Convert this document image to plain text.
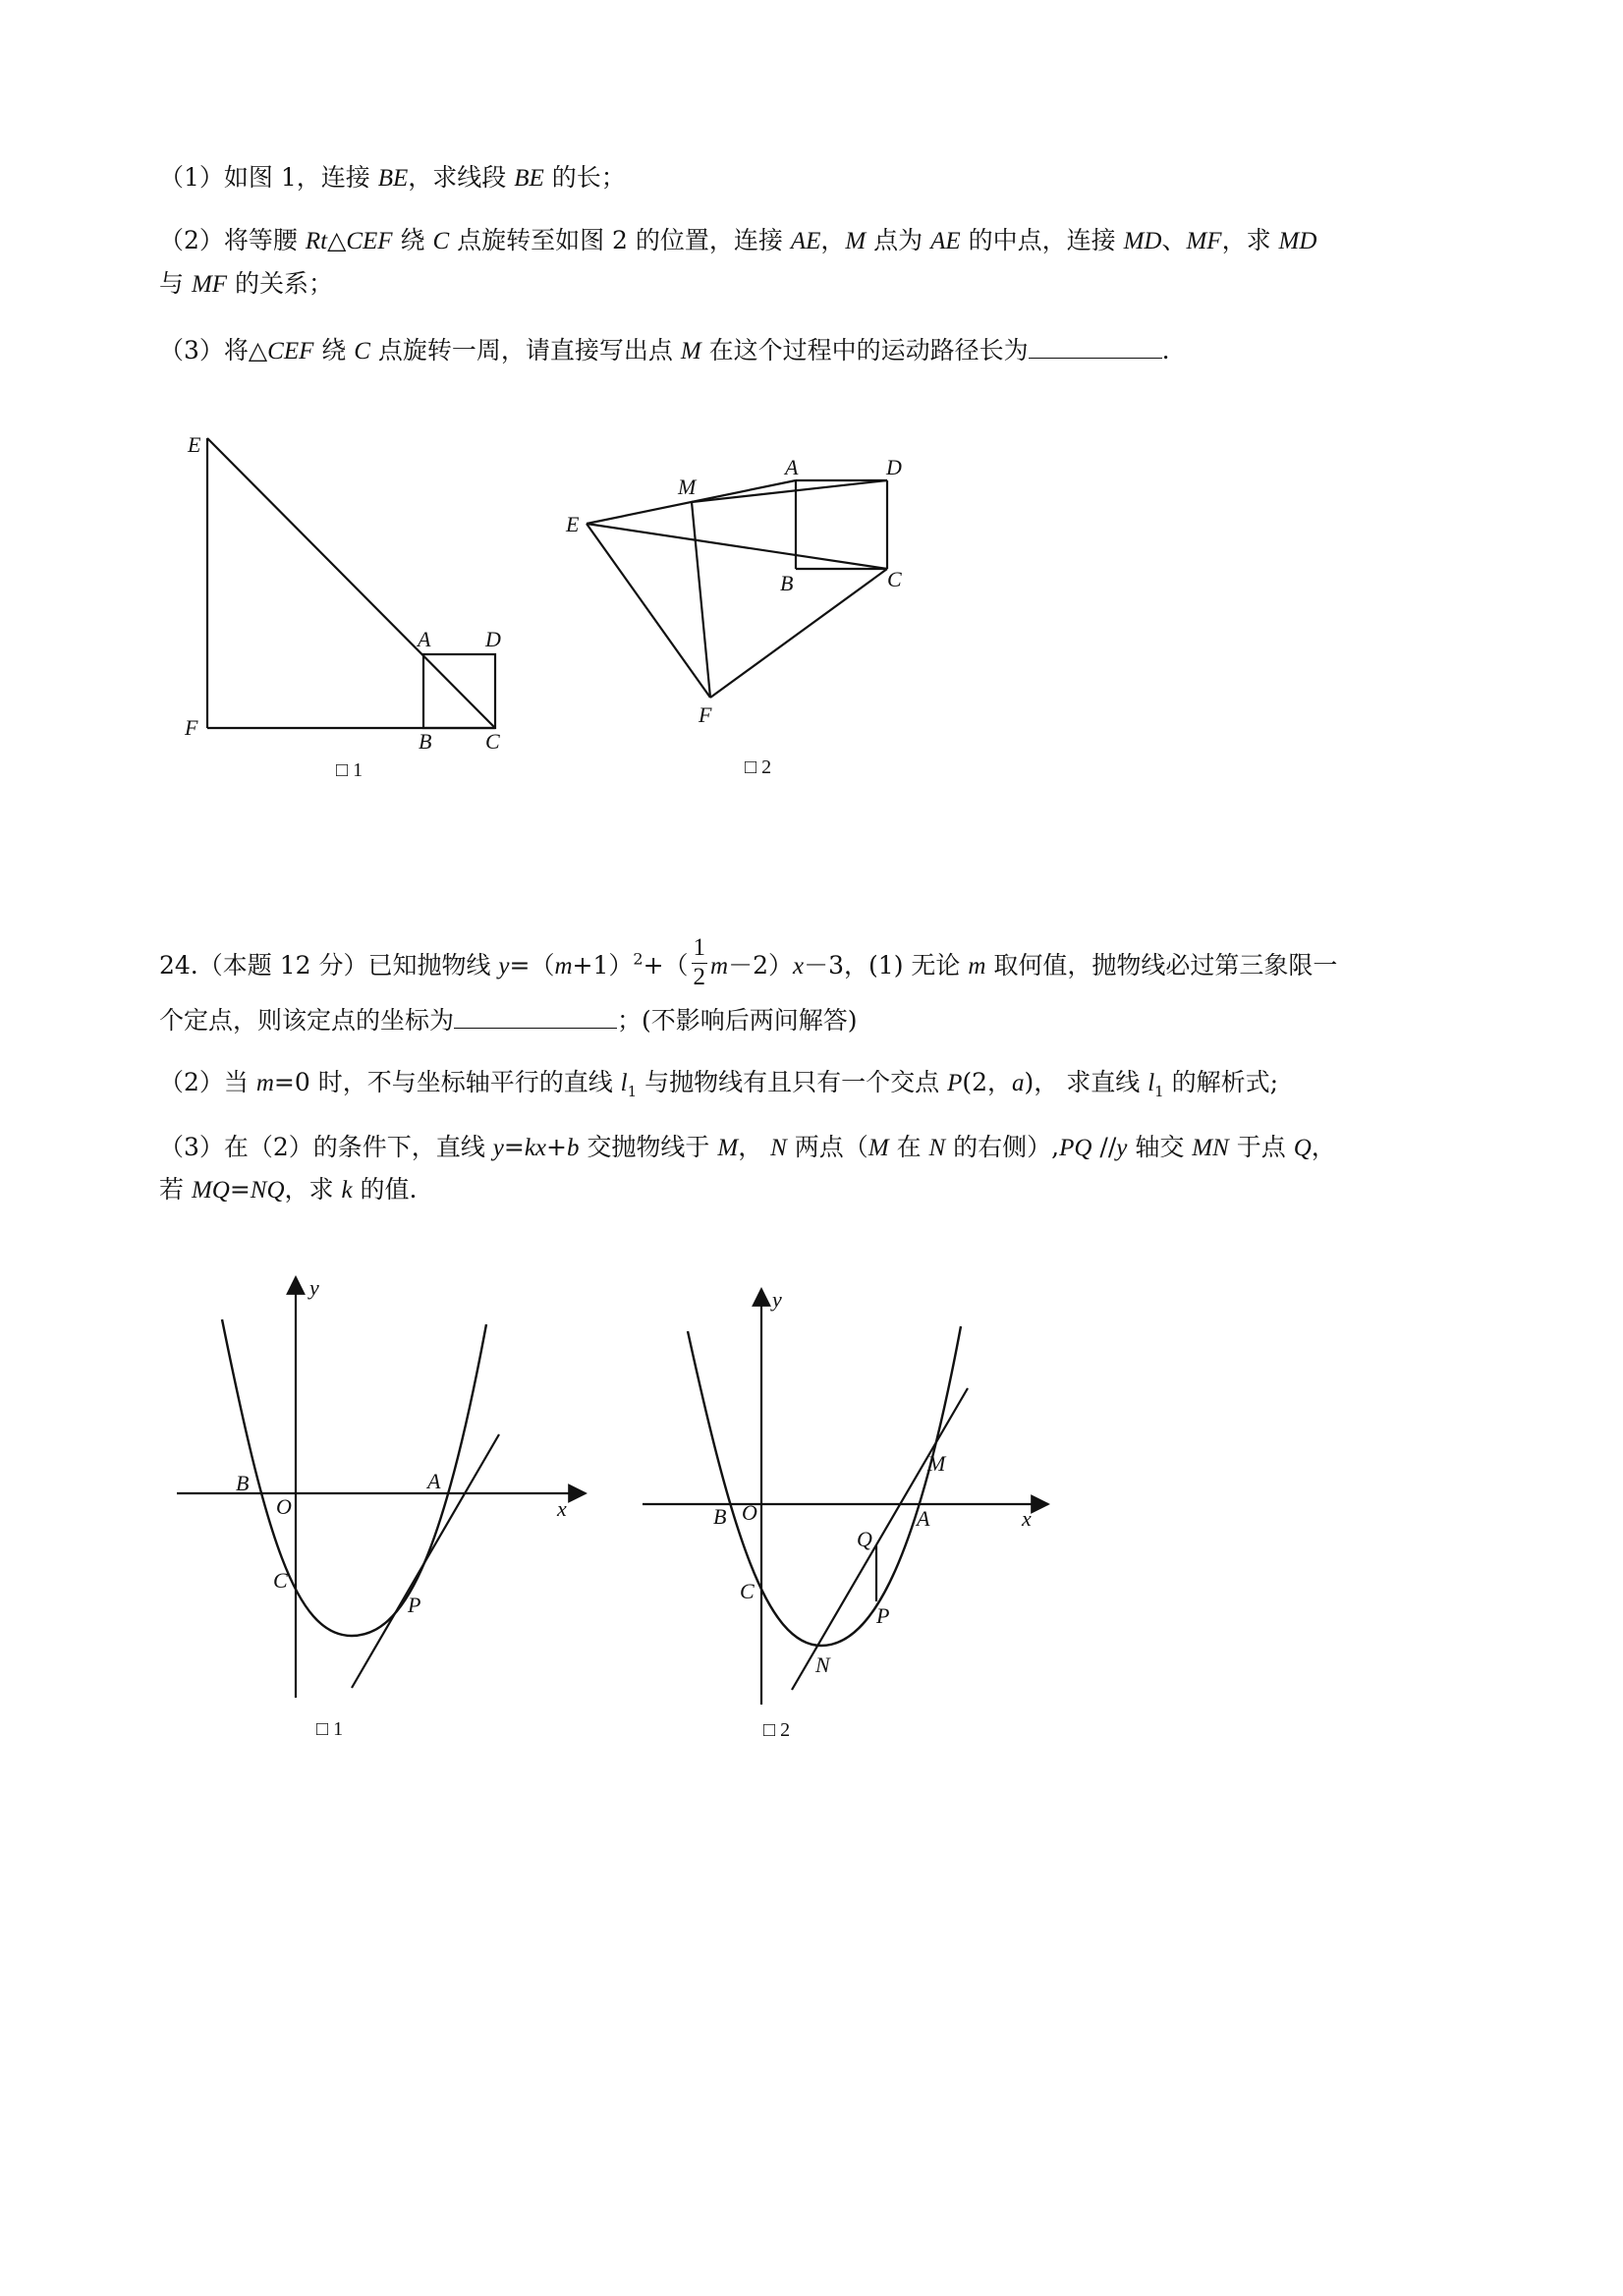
（1）如图 1，连接 BE，求线段 BE 的长；
（2）将等腰 Rt△CEF 绕 C 点旋转至如图 2 的位置，连接 AE，M 点为 AE 的中点，连接 MD、MF，求 MD
与 MF 的关系；
（3）将△CEF 绕 C 点旋转一周，请直接写出点 M 在这个过程中的运动路径长为	.
E
A	D
F
B C
□ 1
M
A	D
E
B	C
F
□ 2
24.（本题 12 分）已知抛物线 $y=(m+1)^2+( \frac{1}{2} m-2)x-3$，(1) 无论 m 取何值，抛物线必过第三象限一
个定点，则该定点的坐标为	；(不影响后两问解答)
（2）当 m=0 时，不与坐标轴平行的直线 $l_1$ 与抛物线有且只有一个交点 P(2，a)， 求直线 $l_1$ 的解析式;
（3）在（2）的条件下，直线 y=kx+b 交抛物线于 M， N 两点（M 在 N 的右侧）,PQ //y 轴交 MN 于点 Q，
若 MQ=NQ，求 k 的值.
y
x
B
O
A
C
P
□ 1
y
x
B O	A
M
Q
C
P
N
□ 2
